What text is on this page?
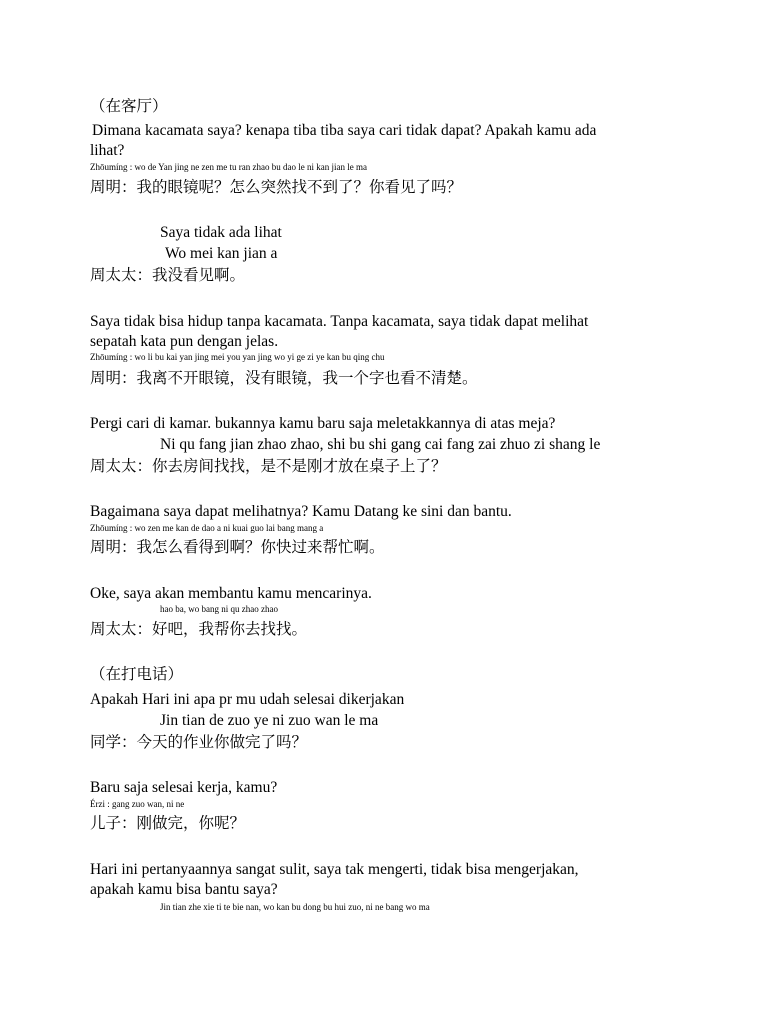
（在客厅）
Dimana kacamata saya? kenapa tiba tiba saya cari tidak dapat? Apakah kamu ada
lihat?
Zhōumíng : wo de Yan jing ne zen me tu ran zhao bu dao le ni kan jian le ma
周明：我的眼镜呢？怎么突然找不到了？你看见了吗？
Saya tidak ada lihat
Wo mei kan jian a
周太太：我没看见啊。
Saya tidak bisa hidup tanpa kacamata. Tanpa kacamata, saya tidak dapat melihat
sepatah kata pun dengan jelas.
Zhōumíng : wo li bu kai yan jing mei you yan jing wo yi ge zi ye kan bu qing chu
周明：我离不开眼镜，没有眼镜，我一个字也看不清楚。
Pergi cari di kamar. bukannya kamu baru saja meletakkannya di atas meja?
Ni qu fang jian zhao zhao, shi bu shi gang cai fang zai zhuo zi shang le
周太太：你去房间找找，是不是刚才放在桌子上了？
Bagaimana saya dapat melihatnya? Kamu Datang ke sini dan bantu.
Zhōumíng : wo zen me kan de dao a ni kuai guo lai bang mang a
周明：我怎么看得到啊？你快过来帮忙啊。
Oke, saya akan membantu kamu mencarinya.
hao ba, wo bang ni qu zhao zhao
周太太：好吧，我帮你去找找。
（在打电话）
Apakah Hari ini apa pr mu udah selesai dikerjakan
Jin tian de zuo ye ni zuo wan le ma
同学：今天的作业你做完了吗？
Baru saja selesai kerja, kamu?
Érzi : gang zuo wan, ni ne
儿子：刚做完，你呢？
Hari ini pertanyaannya sangat sulit, saya tak mengerti, tidak bisa mengerjakan,
apakah kamu bisa bantu saya?
Jin tian zhe xie ti te bie nan, wo kan bu dong bu hui zuo, ni ne bang wo ma
